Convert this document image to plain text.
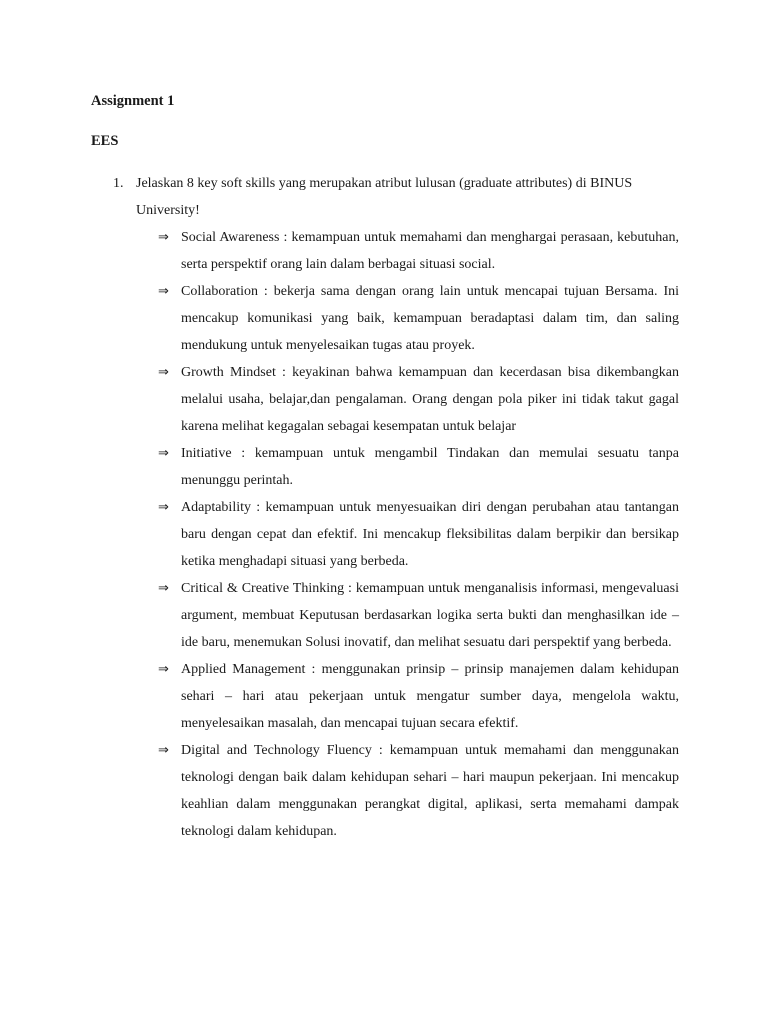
Assignment 1
EES
1. Jelaskan 8 key soft skills yang merupakan atribut lulusan (graduate attributes) di BINUS University!
⇒ Social Awareness : kemampuan untuk memahami dan menghargai perasaan, kebutuhan, serta perspektif orang lain dalam berbagai situasi social.
⇒ Collaboration : bekerja sama dengan orang lain untuk mencapai tujuan Bersama. Ini mencakup komunikasi yang baik, kemampuan beradaptasi dalam tim, dan saling mendukung untuk menyelesaikan tugas atau proyek.
⇒ Growth Mindset : keyakinan bahwa kemampuan dan kecerdasan bisa dikembangkan melalui usaha, belajar,dan pengalaman. Orang dengan pola piker ini tidak takut gagal karena melihat kegagalan sebagai kesempatan untuk belajar
⇒ Initiative : kemampuan untuk mengambil Tindakan dan memulai sesuatu tanpa menunggu perintah.
⇒ Adaptability : kemampuan untuk menyesuaikan diri dengan perubahan atau tantangan baru dengan cepat dan efektif. Ini mencakup fleksibilitas dalam berpikir dan bersikap ketika menghadapi situasi yang berbeda.
⇒ Critical & Creative Thinking : kemampuan untuk menganalisis informasi, mengevaluasi argument, membuat Keputusan berdasarkan logika serta bukti dan menghasilkan ide – ide baru, menemukan Solusi inovatif, dan melihat sesuatu dari perspektif yang berbeda.
⇒ Applied Management : menggunakan prinsip – prinsip manajemen dalam kehidupan sehari – hari atau pekerjaan untuk mengatur sumber daya, mengelola waktu, menyelesaikan masalah, dan mencapai tujuan secara efektif.
⇒ Digital and Technology Fluency : kemampuan untuk memahami dan menggunakan teknologi dengan baik dalam kehidupan sehari – hari maupun pekerjaan. Ini mencakup keahlian dalam menggunakan perangkat digital, aplikasi, serta memahami dampak teknologi dalam kehidupan.
